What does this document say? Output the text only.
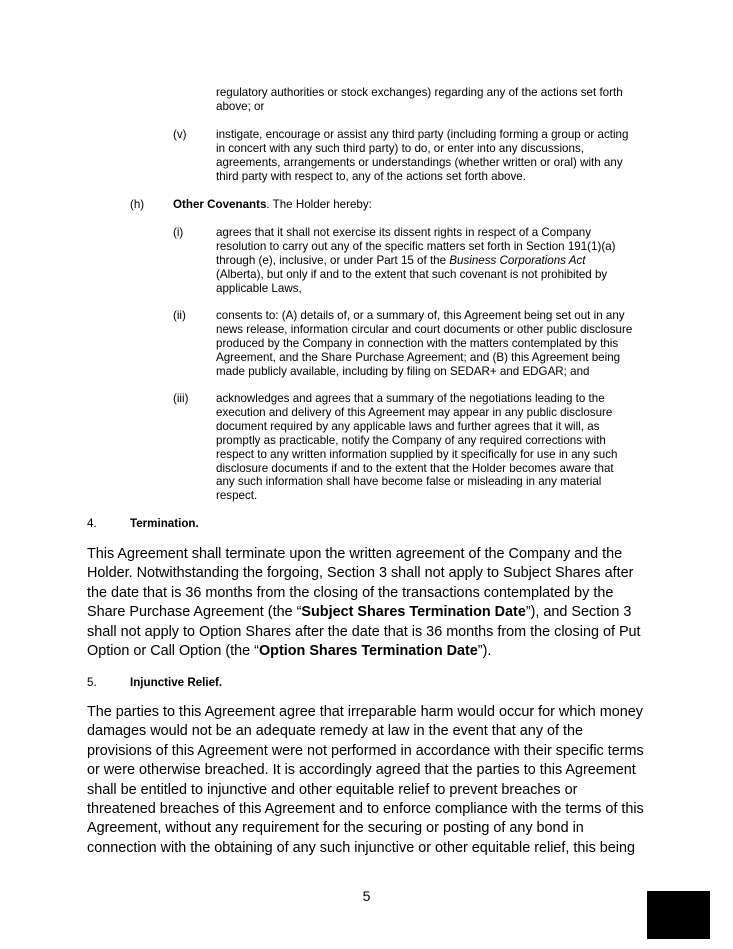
regulatory authorities or stock exchanges) regarding any of the actions set forth
above; or
(v)	instigate, encourage or assist any third party (including forming a group or acting
in concert with any such third party) to do, or enter into any discussions,
agreements, arrangements or understandings (whether written or oral) with any
third party with respect to, any of the actions set forth above.
(h) Other Covenants. The Holder hereby:
(i)	agrees that it shall not exercise its dissent rights in respect of a Company
resolution to carry out any of the specific matters set forth in Section 191(1)(a)
through (e), inclusive, or under Part 15 of the Business Corporations Act
(Alberta), but only if and to the extent that such covenant is not prohibited by
applicable Laws,
(ii)	consents to: (A) details of, or a summary of, this Agreement being set out in any
news release, information circular and court documents or other public disclosure
produced by the Company in connection with the matters contemplated by this
Agreement, and the Share Purchase Agreement; and (B) this Agreement being
made publicly available, including by filing on SEDAR+ and EDGAR; and
(iii) acknowledges and agrees that a summary of the negotiations leading to the
execution and delivery of this Agreement may appear in any public disclosure
document required by any applicable laws and further agrees that it will, as
promptly as practicable, notify the Company of any required corrections with
respect to any written information supplied by it specifically for use in any such
disclosure documents if and to the extent that the Holder becomes aware that
any such information shall have become false or misleading in any material
respect.
4.	Termination.
This Agreement shall terminate upon the written agreement of the Company and the
Holder. Notwithstanding the forgoing, Section 3 shall not apply to Subject Shares after
the date that is 36 months from the closing of the transactions contemplated by the
Share Purchase Agreement (the “Subject Shares Termination Date”), and Section 3
shall not apply to Option Shares after the date that is 36 months from the closing of Put
Option or Call Option (the “Option Shares Termination Date”).
5.	Injunctive Relief.
The parties to this Agreement agree that irreparable harm would occur for which money
damages would not be an adequate remedy at law in the event that any of the
provisions of this Agreement were not performed in accordance with their specific terms
or were otherwise breached. It is accordingly agreed that the parties to this Agreement
shall be entitled to injunctive and other equitable relief to prevent breaches or
threatened breaches of this Agreement and to enforce compliance with the terms of this
Agreement, without any requirement for the securing or posting of any bond in
connection with the obtaining of any such injunctive or other equitable relief, this being
5
